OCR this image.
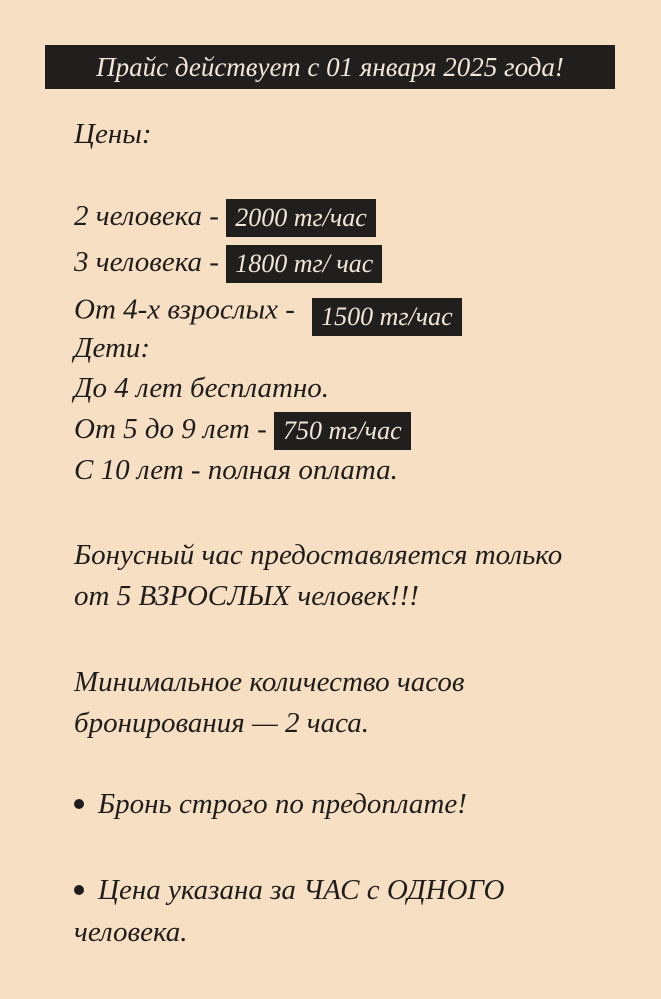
Прайс действует с 01 января 2025 года!
Цены:
2 человека - 2000 тг/час
3 человека - 1800 тг/ час
От 4-х взрослых - 1500 тг/час
Дети:
До 4 лет бесплатно.
От 5 до 9 лет - 750 тг/час
С 10 лет - полная оплата.
Бонусный час предоставляется только
от 5 ВЗРОСЛЫХ человек!!!
Минимальное количество часов
бронирования — 2 часа.
Бронь строго по предоплате!
Цена указана за ЧАС с ОДНОГО
человека.
